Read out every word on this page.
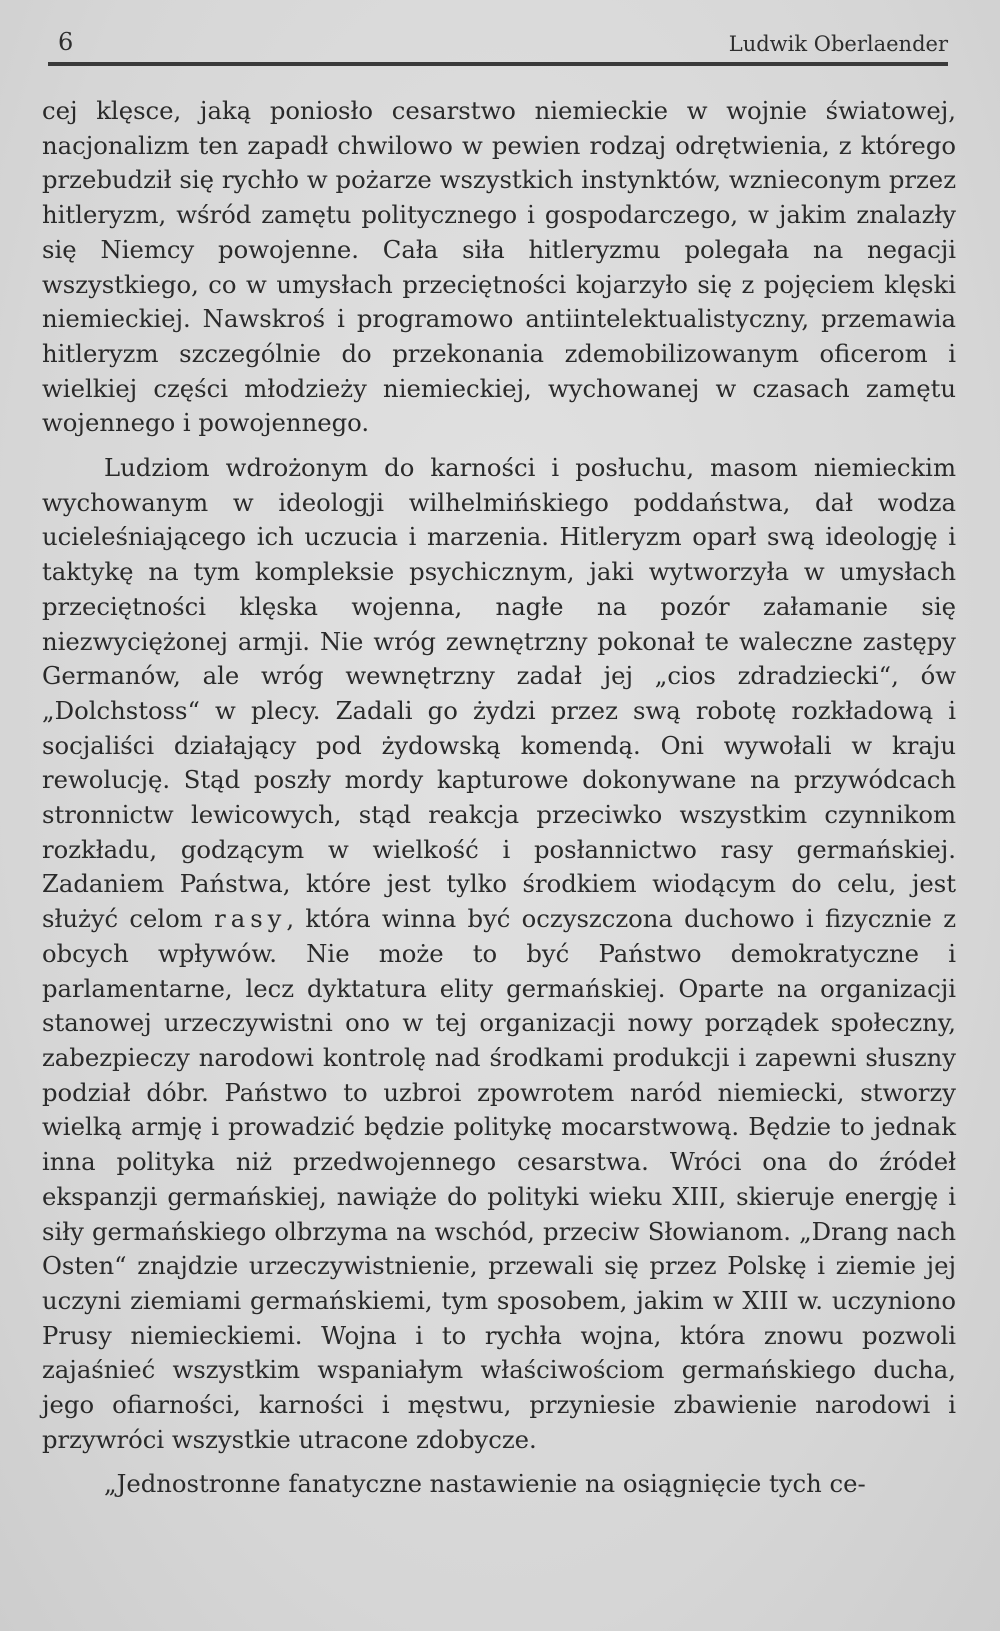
6	Ludwik Oberlaender

cej klęsce, jaką poniosło cesarstwo niemieckie w wojnie światowej, nacjonalizm ten zapadł chwilowo w pewien rodzaj odrętwienia, z którego przebudził się rychło w pożarze wszystkich instynktów, wznieconym przez hitleryzm, wśród zamętu politycznego i gospodarczego, w jakim znalazły się Niemcy powojenne. Cała siła hitleryzmu polegała na negacji wszystkiego, co w umysłach przeciętności kojarzyło się z pojęciem klęski niemieckiej. Nawskroś i programowo antiintelektualistyczny, przemawia hitleryzm szczególnie do przekonania zdemobilizowanym oficerom i wielkiej części młodzieży niemieckiej, wychowanej w czasach zamętu wojennego i powojennego.

Ludziom wdrożonym do karności i posłuchu, masom niemieckim wychowanym w ideologji wilhelmińskiego poddaństwa, dał wodza ucieleśniającego ich uczucia i marzenia. Hitleryzm oparł swą ideologję i taktykę na tym kompleksie psychicznym, jaki wytworzyła w umysłach przeciętności klęska wojenna, nagłe na pozór załamanie się niezwyciężonej armji. Nie wróg zewnętrzny pokonał te waleczne zastępy Germanów, ale wróg wewnętrzny zadał jej „cios zdradziecki“, ów „Dolchstoss“ w plecy. Zadali go żydzi przez swą robotę rozkładową i socjaliści działający pod żydowską komendą. Oni wywołali w kraju rewolucję. Stąd poszły mordy kapturowe dokonywane na przywódcach stronnictw lewicowych, stąd reakcja przeciwko wszystkim czynnikom rozkładu, godzącym w wielkość i posłannictwo rasy germańskiej. Zadaniem Państwa, które jest tylko środkiem wiodącym do celu, jest służyć celom rasy, która winna być oczyszczona duchowo i fizycznie z obcych wpływów. Nie może to być Państwo demokratyczne i parlamentarne, lecz dyktatura elity germańskiej. Oparte na organizacji stanowej urzeczywistni ono w tej organizacji nowy porządek społeczny, zabezpieczy narodowi kontrolę nad środkami produkcji i zapewni słuszny podział dóbr. Państwo to uzbroi zpowrotem naród niemiecki, stworzy wielką armję i prowadzić będzie politykę mocarstwową. Będzie to jednak inna polityka niż przedwojennego cesarstwa. Wróci ona do źródeł ekspanzji germańskiej, nawiąże do polityki wieku XIII, skieruje energję i siły germańskiego olbrzyma na wschód, przeciw Słowianom. „Drang nach Osten“ znajdzie urzeczywistnienie, przewali się przez Polskę i ziemie jej uczyni ziemiami germańskiemi, tym sposobem, jakim w XIII w. uczyniono Prusy niemieckiemi. Wojna i to rychła wojna, która znowu pozwoli zajaśnieć wszystkim wspaniałym właściwościom germańskiego ducha, jego ofiarności, karności i męstwu, przyniesie zbawienie narodowi i przywróci wszystkie utracone zdobycze.

„Jednostronne fanatyczne nastawienie na osiągnięcie tych ce-
